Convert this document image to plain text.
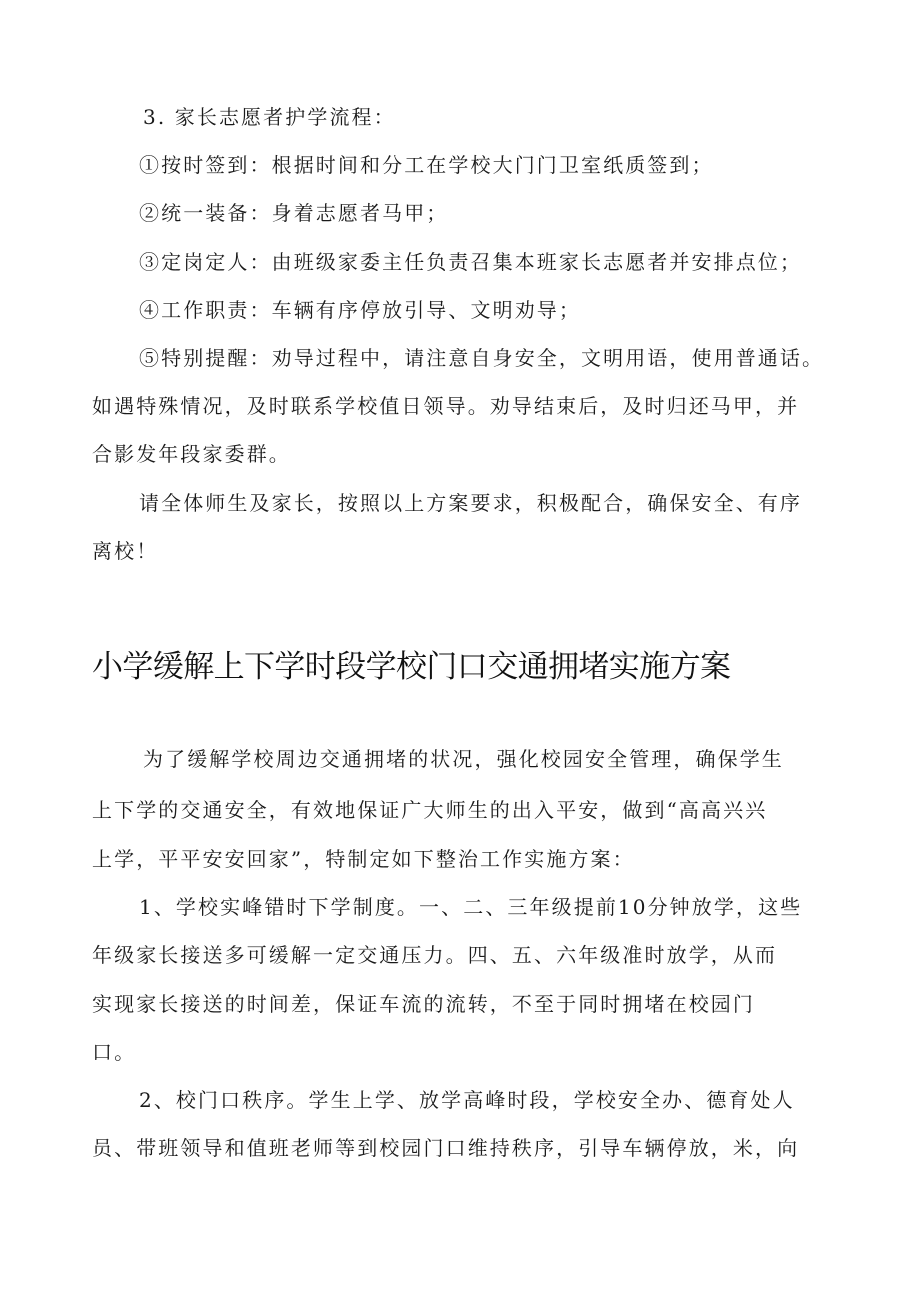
3. 家长志愿者护学流程：
①按时签到：根据时间和分工在学校大门门卫室纸质签到；
②统一装备：身着志愿者马甲；
③定岗定人：由班级家委主任负责召集本班家长志愿者并安排点位；
④工作职责：车辆有序停放引导、文明劝导；
⑤特别提醒：劝导过程中，请注意自身安全，文明用语，使用普通话。
如遇特殊情况，及时联系学校值日领导。劝导结束后，及时归还马甲，并
合影发年段家委群。
请全体师生及家长，按照以上方案要求，积极配合，确保安全、有序
离校！
小学缓解上下学时段学校门口交通拥堵实施方案
为了缓解学校周边交通拥堵的状况，强化校园安全管理，确保学生
上下学的交通安全，有效地保证广大师生的出入平安，做到“高高兴兴
上学，平平安安回家”，特制定如下整治工作实施方案：
1、学校实峰错时下学制度。一、二、三年级提前10分钟放学，这些
年级家长接送多可缓解一定交通压力。四、五、六年级准时放学，从而
实现家长接送的时间差，保证车流的流转，不至于同时拥堵在校园门
口。
2、校门口秩序。学生上学、放学高峰时段，学校安全办、德育处人
员、带班领导和值班老师等到校园门口维持秩序，引导车辆停放，米，向
